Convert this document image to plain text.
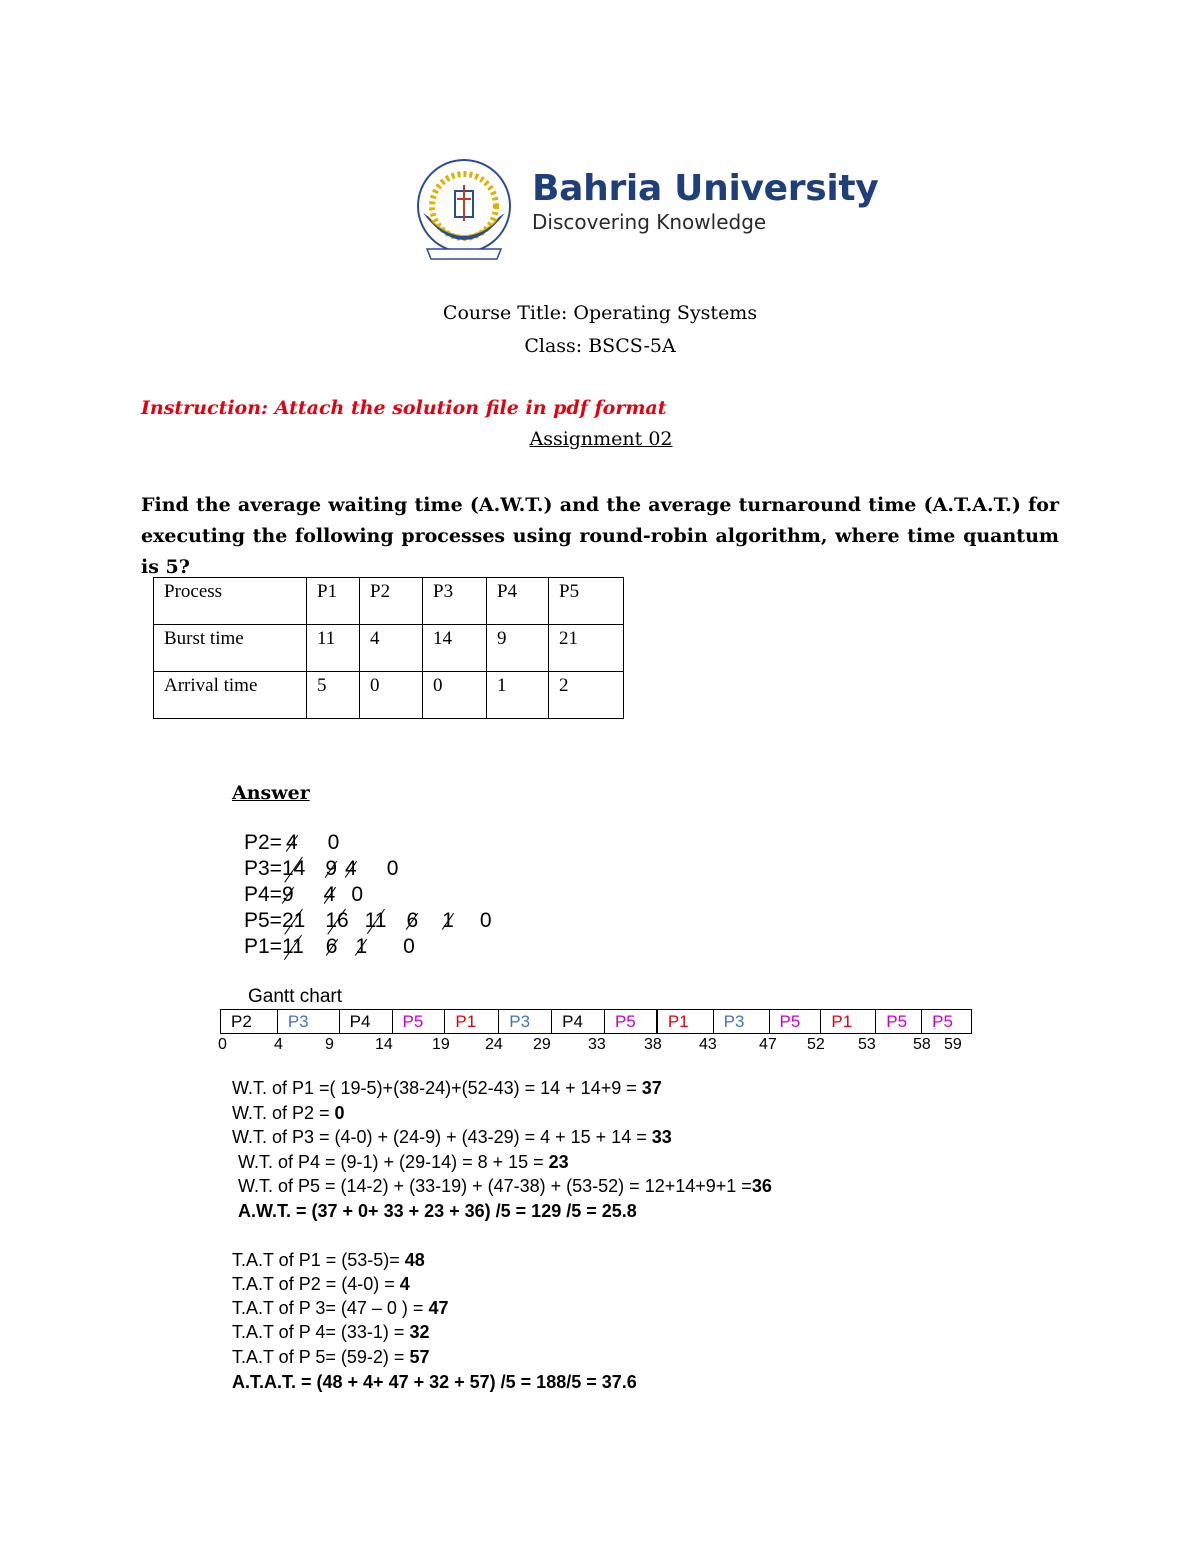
Bahria University
Discovering Knowledge
Course Title: Operating Systems
Class: BSCS-5A
Instruction: Attach the solution file in pdf format
Assignment 02
Find the average waiting time (A.W.T.) and the average turnaround time (A.T.A.T.) for executing the following processes using round-robin algorithm, where time quantum is 5?
Process	P1	P2	P3	P4	P5
Burst time	11	4	14	9	21
Arrival time	5	0	0	1	2
Answer
P2= 4 0
P3=14 9 4 0
P4=9 4 0
P5=21 16 11 6 1 0
P1=11 6 1 0
Gantt chart
P2	P3	P4	P5	P1	P3	P4	P5	P1	P3	P5	P1	P5	P5
0	4	9	14 19 24 29 33 38 43	47 52 53 58 59
W.T. of P1 =( 19-5)+(38-24)+(52-43) = 14 + 14+9 = 37
W.T. of P2 = 0
W.T. of P3 = (4-0) + (24-9) + (43-29) = 4 + 15 + 14 = 33
W.T. of P4 = (9-1) + (29-14) = 8 + 15 = 23
W.T. of P5 = (14-2) + (33-19) + (47-38) + (53-52) = 12+14+9+1 =36
A.W.T. = (37 + 0+ 33 + 23 + 36) /5 = 129 /5 = 25.8
T.A.T of P1 = (53-5)= 48
T.A.T of P2 = (4-0) = 4
T.A.T of P 3= (47 – 0 ) = 47
T.A.T of P 4= (33-1) = 32
T.A.T of P 5= (59-2) = 57
A.T.A.T. = (48 + 4+ 47 + 32 + 57) /5 = 188/5 = 37.6
